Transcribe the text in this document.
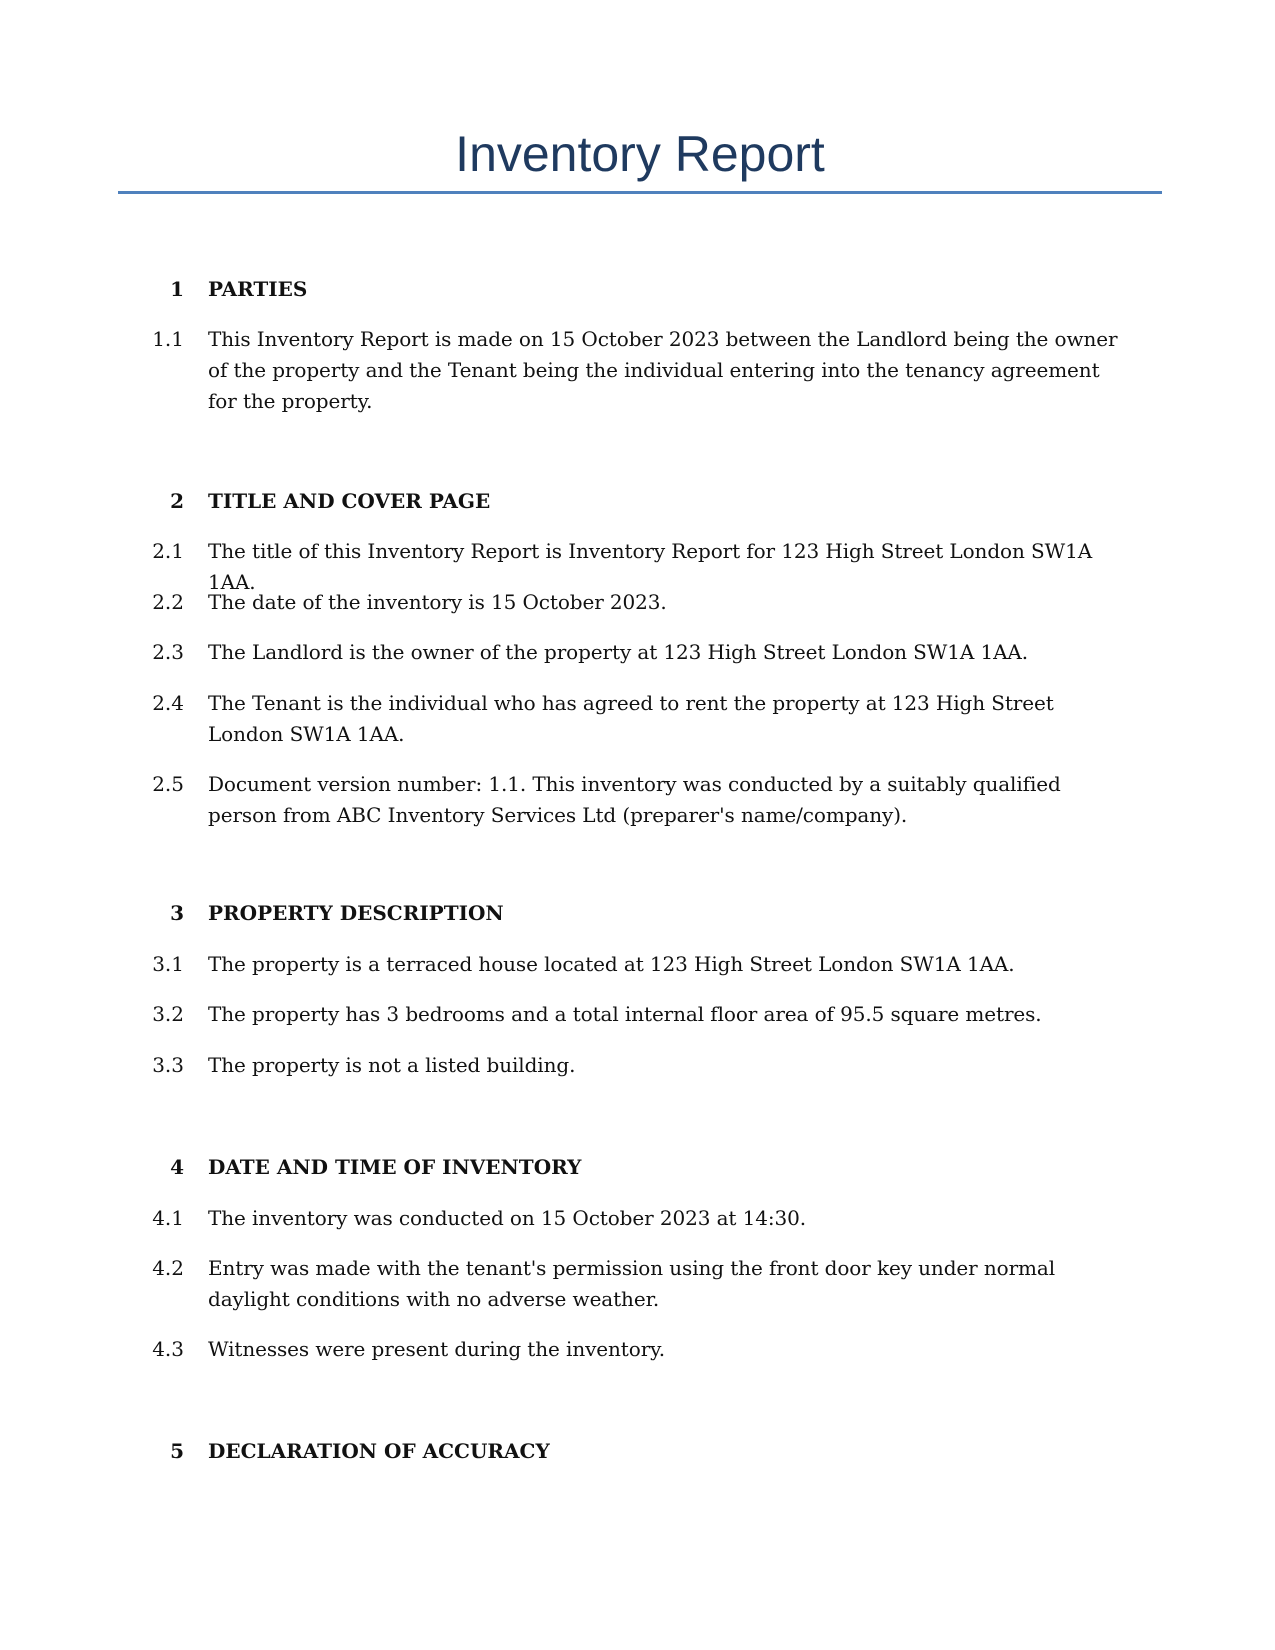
Inventory Report
1 PARTIES
1.1 This Inventory Report is made on 15 October 2023 between the Landlord being the owner of the property and the Tenant being the individual entering into the tenancy agreement for the property.
2 TITLE AND COVER PAGE
2.1 The title of this Inventory Report is Inventory Report for 123 High Street London SW1A 1AA.
2.2 The date of the inventory is 15 October 2023.
2.3 The Landlord is the owner of the property at 123 High Street London SW1A 1AA.
2.4 The Tenant is the individual who has agreed to rent the property at 123 High Street London SW1A 1AA.
2.5 Document version number: 1.1. This inventory was conducted by a suitably qualified person from ABC Inventory Services Ltd (preparer's name/company).
3 PROPERTY DESCRIPTION
3.1 The property is a terraced house located at 123 High Street London SW1A 1AA.
3.2 The property has 3 bedrooms and a total internal floor area of 95.5 square metres.
3.3 The property is not a listed building.
4 DATE AND TIME OF INVENTORY
4.1 The inventory was conducted on 15 October 2023 at 14:30.
4.2 Entry was made with the tenant's permission using the front door key under normal daylight conditions with no adverse weather.
4.3 Witnesses were present during the inventory.
5 DECLARATION OF ACCURACY
